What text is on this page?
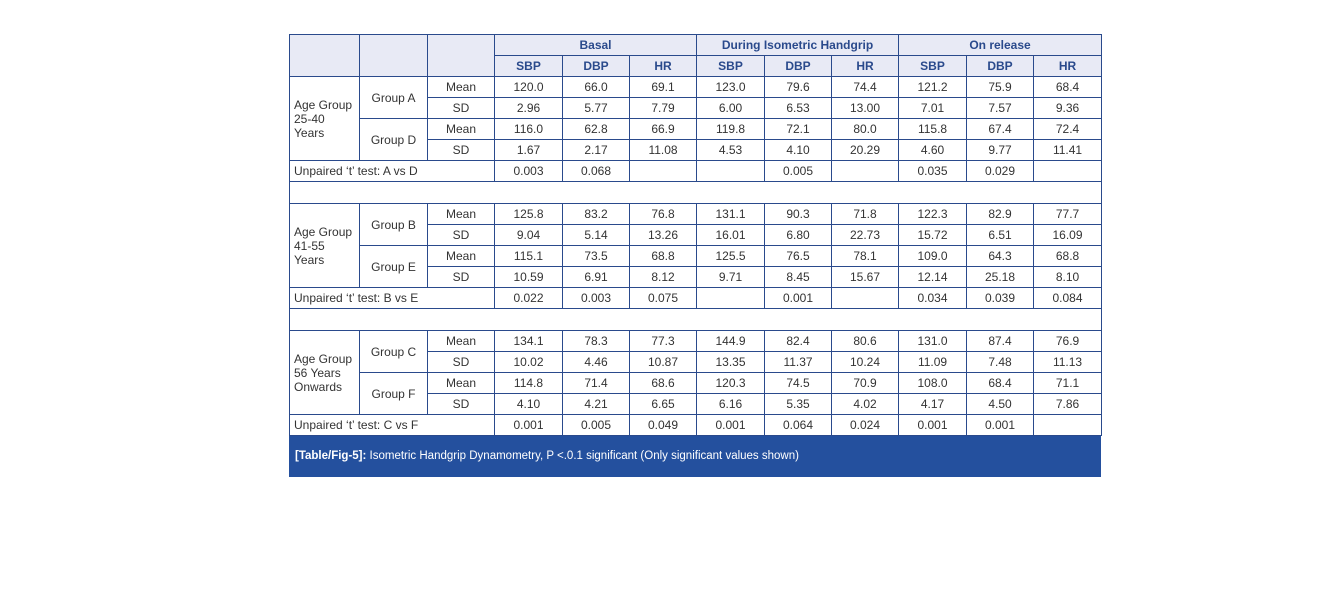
			Basal			During Isometric Handgrip			On release		
			SBP	DBP	HR	SBP	DBP	HR	SBP	DBP	HR
Age Group
25-40
Years	Group A	Mean	120.0	66.0	69.1	123.0	79.6	74.4	121.2	75.9	68.4
		SD	2.96	5.77	7.79	6.00	6.53	13.00	7.01	7.57	9.36
	Group D	Mean	116.0	62.8	66.9	119.8	72.1	80.0	115.8	67.4	72.4
		SD	1.67	2.17	11.08	4.53	4.10	20.29	4.60	9.77	11.41
Unpaired ‘t’ test: A vs D			0.003	0.068			0.005		0.035	0.029	

Age Group
41-55
Years	Group B	Mean	125.8	83.2	76.8	131.1	90.3	71.8	122.3	82.9	77.7
		SD	9.04	5.14	13.26	16.01	6.80	22.73	15.72	6.51	16.09
	Group E	Mean	115.1	73.5	68.8	125.5	76.5	78.1	109.0	64.3	68.8
		SD	10.59	6.91	8.12	9.71	8.45	15.67	12.14	25.18	8.10
Unpaired ‘t’ test: B vs E			0.022	0.003	0.075		0.001		0.034	0.039	0.084

Age Group
56 Years
Onwards	Group C	Mean	134.1	78.3	77.3	144.9	82.4	80.6	131.0	87.4	76.9
		SD	10.02	4.46	10.87	13.35	11.37	10.24	11.09	7.48	11.13
	Group F	Mean	114.8	71.4	68.6	120.3	74.5	70.9	108.0	68.4	71.1
		SD	4.10	4.21	6.65	6.16	5.35	4.02	4.17	4.50	7.86
Unpaired ‘t’ test: C vs F			0.001	0.005	0.049	0.001	0.064	0.024	0.001	0.001	
[Table/Fig-5]: Isometric Handgrip Dynamometry, P <.0.1 significant (Only significant values shown)
